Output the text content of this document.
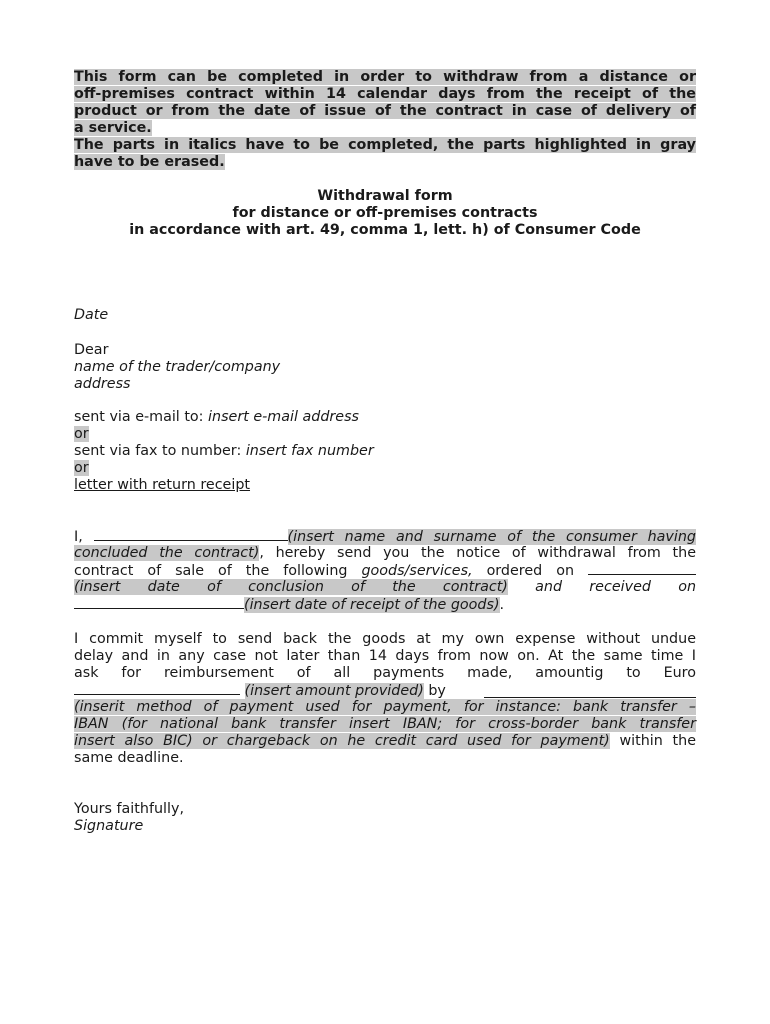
This form can be completed in order to withdraw from a distance or
off-premises contract within 14 calendar days from the receipt of the
product or from the date of issue of the contract in case of delivery of
a service.
The parts in italics have to be completed, the parts highlighted in gray
have to be erased.
Withdrawal form
for distance or off-premises contracts
in accordance with art. 49, comma 1, lett. h) of Consumer Code
Date
Dear
name of the trader/company
address
sent via e-mail to: insert e-mail address
or
sent via fax to number: insert fax number
or
letter with return receipt
I,	(insert name and surname of the consumer having
concluded the contract), hereby send you the notice of withdrawal from the
contract of sale of the following goods/services, ordered on
(insert date of conclusion of the contract) and received on
(insert date of receipt of the goods).
I commit myself to send back the goods at my own expense without undue
delay and in any case not later than 14 days from now on. At the same time I
ask for reimbursement of all payments made, amountig to Euro
(insert amount provided) by
(inserit method of payment used for payment, for instance: bank transfer –
IBAN (for national bank transfer insert IBAN; for cross-border bank transfer
insert also BIC) or chargeback on he credit card used for payment) within the
same deadline.
Yours faithfully,
Signature
